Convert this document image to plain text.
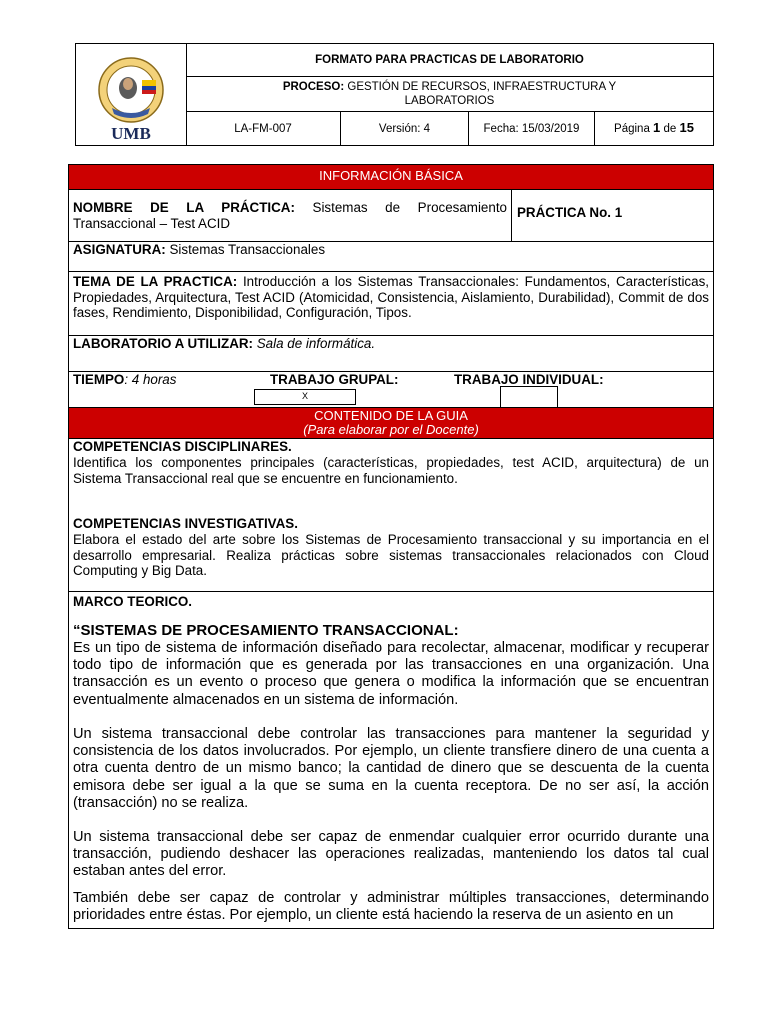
UMB
FORMATO PARA PRACTICAS DE LABORATORIO
PROCESO: GESTIÓN DE RECURSOS, INFRAESTRUCTURA Y LABORATORIOS
LA-FM-007	Versión: 4	Fecha: 15/03/2019	Página 1 de 15
INFORMACIÓN BÁSICA
NOMBRE DE LA PRÁCTICA: Sistemas de Procesamiento Transaccional – Test ACID
PRÁCTICA No. 1
ASIGNATURA: Sistemas Transaccionales
TEMA DE LA PRACTICA: Introducción a los Sistemas Transaccionales: Fundamentos, Características, Propiedades, Arquitectura, Test ACID (Atomicidad, Consistencia, Aislamiento, Durabilidad), Commit de dos fases, Rendimiento, Disponibilidad, Configuración, Tipos.
LABORATORIO A UTILIZAR: Sala de informática.
TIEMPO: 4 horas	TRABAJO GRUPAL:
X
TRABAJO INDIVIDUAL:
CONTENIDO DE LA GUIA
(Para elaborar por el Docente)
COMPETENCIAS DISCIPLINARES.
Identifica los componentes principales (características, propiedades, test ACID, arquitectura) de un Sistema Transaccional real que se encuentre en funcionamiento.
COMPETENCIAS INVESTIGATIVAS.
Elabora el estado del arte sobre los Sistemas de Procesamiento transaccional y su importancia en el desarrollo empresarial. Realiza prácticas sobre sistemas transaccionales relacionados con Cloud Computing y Big Data.
MARCO TEORICO.
“SISTEMAS DE PROCESAMIENTO TRANSACCIONAL:
Es un tipo de sistema de información diseñado para recolectar, almacenar, modificar y recuperar todo tipo de información que es generada por las transacciones en una organización. Una transacción es un evento o proceso que genera o modifica la información que se encuentran eventualmente almacenados en un sistema de información.
Un sistema transaccional debe controlar las transacciones para mantener la seguridad y consistencia de los datos involucrados. Por ejemplo, un cliente transfiere dinero de una cuenta a otra cuenta dentro de un mismo banco; la cantidad de dinero que se descuenta de la cuenta emisora debe ser igual a la que se suma en la cuenta receptora. De no ser así, la acción (transacción) no se realiza.
Un sistema transaccional debe ser capaz de enmendar cualquier error ocurrido durante una transacción, pudiendo deshacer las operaciones realizadas, manteniendo los datos tal cual estaban antes del error.
También debe ser capaz de controlar y administrar múltiples transacciones, determinando prioridades entre éstas. Por ejemplo, un cliente está haciendo la reserva de un asiento en un
